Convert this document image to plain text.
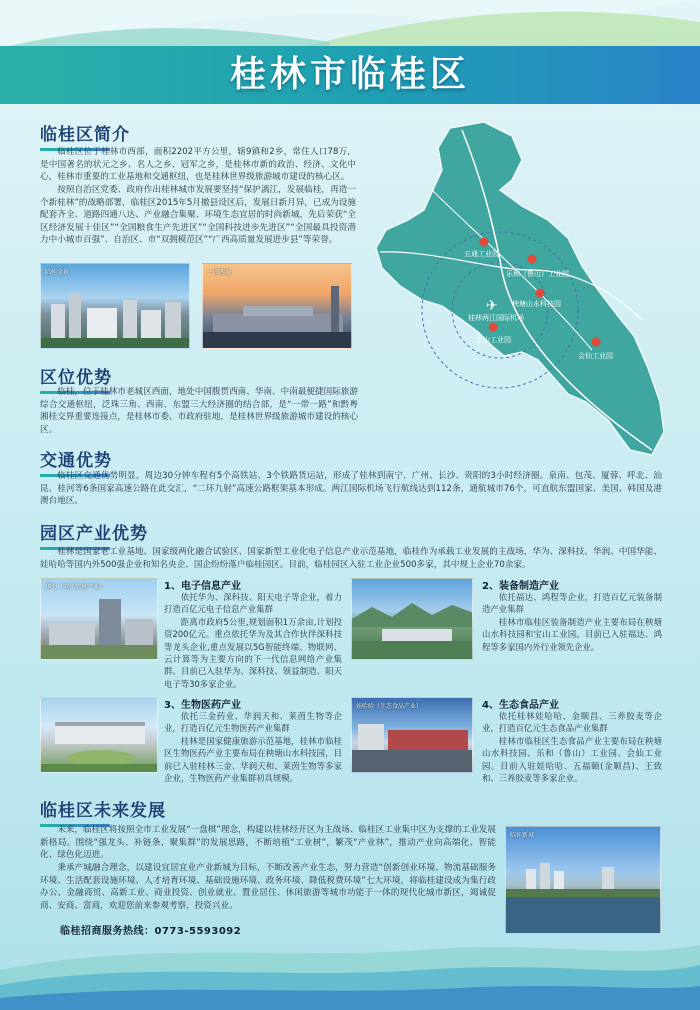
桂林市临桂区
临桂区简介
临桂区位于桂林市西部，面积2202平方公里，辖9镇和2乡，常住人口78万，是中国著名的状元之乡、名人之乡、冠军之乡，是桂林市新的政治、经济、文化中心，桂林市重要的工业基地和交通枢纽，也是桂林世界级旅游城市建设的核心区。
按照自治区党委、政府作出桂林城市发展要坚持“保护漓江，发展临桂，再造一个新桂林”的战略部署，临桂区2015年5月撤县设区后，发展日新月异，已成为设施配套齐全、道路四通八达、产业融合集聚、环境生态宜居的时尚新城，先后荣获“全区经济发展十佳区”“全国粮食生产先进区”“全国科技进步先进区”“全国最具投资潜力中小城市百强”、自治区、市“双拥模范区”“广西高质量发展进步县”等荣誉。
临桂全景	一园两城
✈
五通工业园
乐和（鲁山）工业园
秧塘山水科技园
宝山工业园
会仙工业园
桂林两江国际机场
区位优势
临桂，位于桂林市老城区西面，地处中国腹贯西南、华南、中南最便捷国际旅游综合交通枢纽，泛珠三角、西南、东盟三大经济圈的结合部，是“一带一路”和黔粤湘桂交界重要连接点，是桂林市委、市政府驻地，是桂林世界级旅游城市建设的核心区。
交通优势
临桂区交通优势明显，周边30分钟车程有5个高铁站、3个铁路货运站，形成了桂林到南宁、广州、长沙、贵阳的3小时经济圈。泉南、包茂、厦蓉、呼北、汕昆、桂河等6条国家高速公路在此交汇，“二环九射”高速公路框架基本形成。两江国际机场飞行航线达到112条，通航城市76个，可直航东盟国家、美国、韩国及港澳台地区。
园区产业优势
桂林是国家老工业基地、国家级两化融合试验区、国家新型工业化电子信息产业示范基地，临桂作为承载工业发展的主战场，华为、深科技、华润、中国华能、娃哈哈等国内外500强企业和知名央企、国企纷纷落户临桂园区。目前，临桂园区入驻工业企业500多家，其中规上企业70余家。
华为（电子信息产业）	1、电子信息产业

依托华为、深科技、阳天电子等企业，着力打造百亿元电子信息产业集群

距离市政府5公里,规划面积1万余亩,计划投资200亿元。重点依托华为及其合作伙伴深科技等龙头企业,重点发展以5G智能终端、物联网、云计算等为主要方向的下一代信息网络产业集群。目前已入驻华为、深科技、领益制造、阳天电子等30多家企业。

2、装备制造产业

依托福达、鸿程等企业，打造百亿元装备制造产业集群

桂林市临桂区装备制造产业主要布局在秧塘山水科技园和宝山工业园。目前已入驻福达、鸿程等多家国内外行业领先企业。

3、生物医药产业

依托三金药业、华润天和、莱茵生物等企业，打造百亿元生物医药产业集群

桂林是国家健康旅游示范基地，桂林市临桂区生物医药产业主要布局在秧塘山水科技园，目前已入驻桂林三金、华润天和、莱茵生物等多家企业，生物医药产业集群初具规模。

娃哈哈（生态食品产业）	4、生态食品产业

依托桂林娃哈哈、金顺昌、三养胶麦等企业，打造百亿元生态食品产业集群

桂林市临桂区生态食品产业主要布局在秧塘山水科技园、乐和（鲁山）工业园、会仙工业园。目前入驻娃哈哈、五福颐(金顺昌)、王致和、三养胶麦等多家企业。

临桂区未来发展
未来，临桂区将按照全市工业发展“一盘棋”理念，构建以桂林经开区为主战场、临桂区工业集中区为支撑的工业发展新格局。围绕“强龙头、补链条、聚集群”的发展思路，不断培植“工业树”，繁茂“产业林”，推动产业向高端化、智能化、绿色化迈进。
秉承产城融合理念，以建设宜居宜业产业新城为目标，不断改善产业生态，努力营造“创新创业环境、物流基础服务环境、生活配套设施环境、人才培育环境、基础设施环境、政务环境、降低税费环境”七大环境，将临桂建设成为集行政办公、金融商贸、高新工业、商业投资、创业就业、置业居住、休闲旅游等城市功能于一体的现代化城市新区，竭诚促商、安商、富商，欢迎您前来参观考察，投资兴业。
临桂新城
临桂招商服务热线：0773-5593092
